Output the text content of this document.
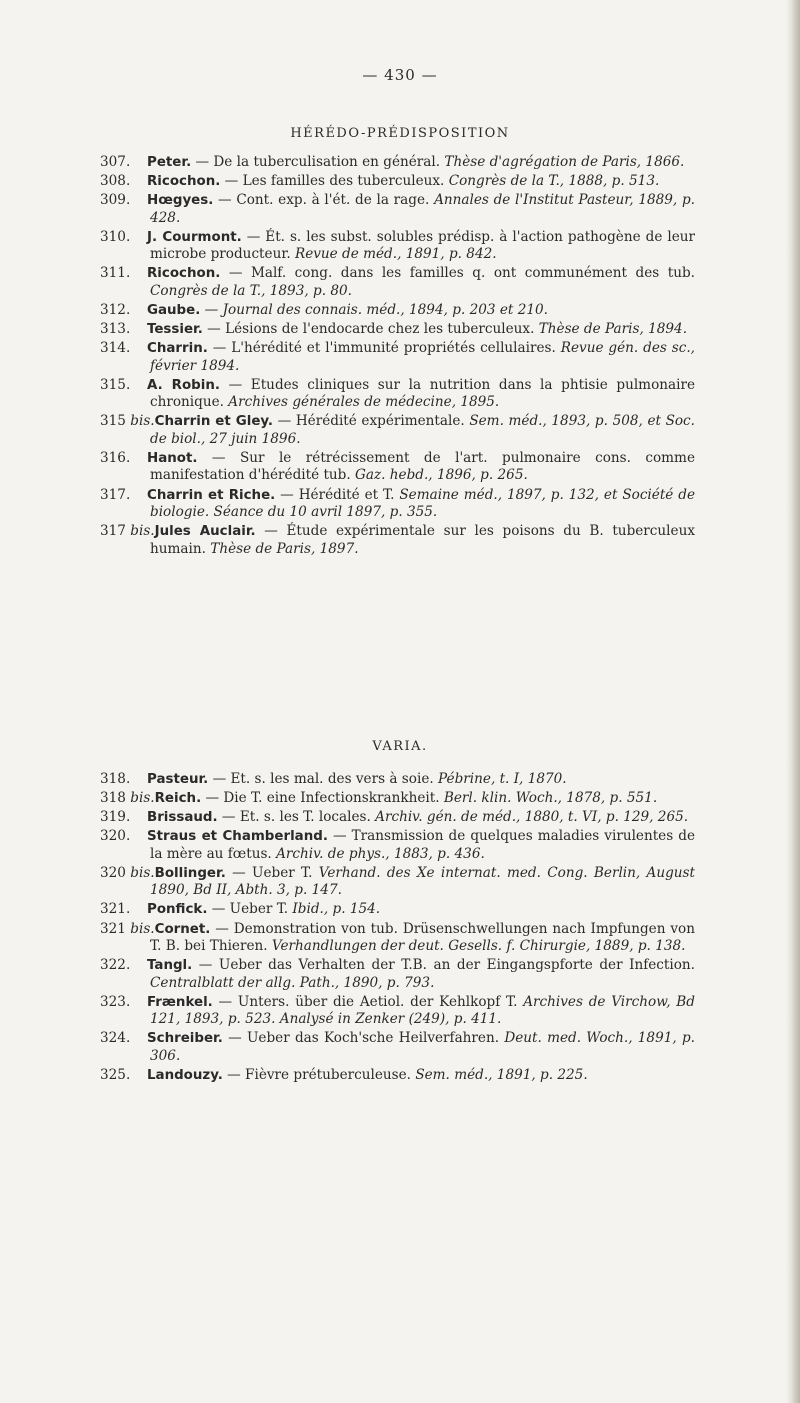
— 430 —
HÉRÉDO-PRÉDISPOSITION
307. Peter. — De la tuberculisation en général. Thèse d'agrégation de Paris, 1866.
308. Ricochon. — Les familles des tuberculeux. Congrès de la T., 1888, p. 513.
309. Hœgyes. — Cont. exp. à l'ét. de la rage. Annales de l'Institut Pasteur, 1889, p. 428.
310. J. Courmont. — Ét. s. les subst. solubles prédisp. à l'action pathogène de leur microbe producteur. Revue de méd., 1891, p. 842.
311. Ricochon. — Malf. cong. dans les familles q. ont communément des tub. Congrès de la T., 1893, p. 80.
312. Gaube. — Journal des connais. méd., 1894, p. 203 et 210.
313. Tessier. — Lésions de l'endocarde chez les tuberculeux. Thèse de Paris, 1894.
314. Charrin. — L'hérédité et l'immunité propriétés cellulaires. Revue gén. des sc., février 1894.
315. A. Robin. — Etudes cliniques sur la nutrition dans la phtisie pulmonaire chronique. Archives générales de médecine, 1895.
315 bis.Charrin et Gley. — Hérédité expérimentale. Sem. méd., 1893, p. 508, et Soc. de biol., 27 juin 1896.
316. Hanot. — Sur le rétrécissement de l'art. pulmonaire cons. comme manifestation d'hérédité tub. Gaz. hebd., 1896, p. 265.
317. Charrin et Riche. — Hérédité et T. Semaine méd., 1897, p. 132, et Société de biologie. Séance du 10 avril 1897, p. 355.
317 bis.Jules Auclair. — Étude expérimentale sur les poisons du B. tuberculeux humain. Thèse de Paris, 1897.
VARIA.
318. Pasteur. — Et. s. les mal. des vers à soie. Pébrine, t. I, 1870.
318 bis.Reich. — Die T. eine Infectionskrankheit. Berl. klin. Woch., 1878, p. 551.
319. Brissaud. — Et. s. les T. locales. Archiv. gén. de méd., 1880, t. VI, p. 129, 265.
320. Straus et Chamberland. — Transmission de quelques maladies virulentes de la mère au fœtus. Archiv. de phys., 1883, p. 436.
320 bis.Bollinger. — Ueber T. Verhand. des Xe internat. med. Cong. Berlin, August 1890, Bd II, Abth. 3, p. 147.
321. Ponfick. — Ueber T. Ibid., p. 154.
321 bis.Cornet. — Demonstration von tub. Drüsenschwellungen nach Impfungen von T. B. bei Thieren. Verhandlungen der deut. Gesells. f. Chirurgie, 1889, p. 138.
322. Tangl. — Ueber das Verhalten der T.B. an der Eingangspforte der Infection. Centralblatt der allg. Path., 1890, p. 793.
323. Frænkel. — Unters. über die Aetiol. der Kehlkopf T. Archives de Virchow, Bd 121, 1893, p. 523. Analysé in Zenker (249), p. 411.
324. Schreiber. — Ueber das Koch'sche Heilverfahren. Deut. med. Woch., 1891, p. 306.
325. Landouzy. — Fièvre prétuberculeuse. Sem. méd., 1891, p. 225.
